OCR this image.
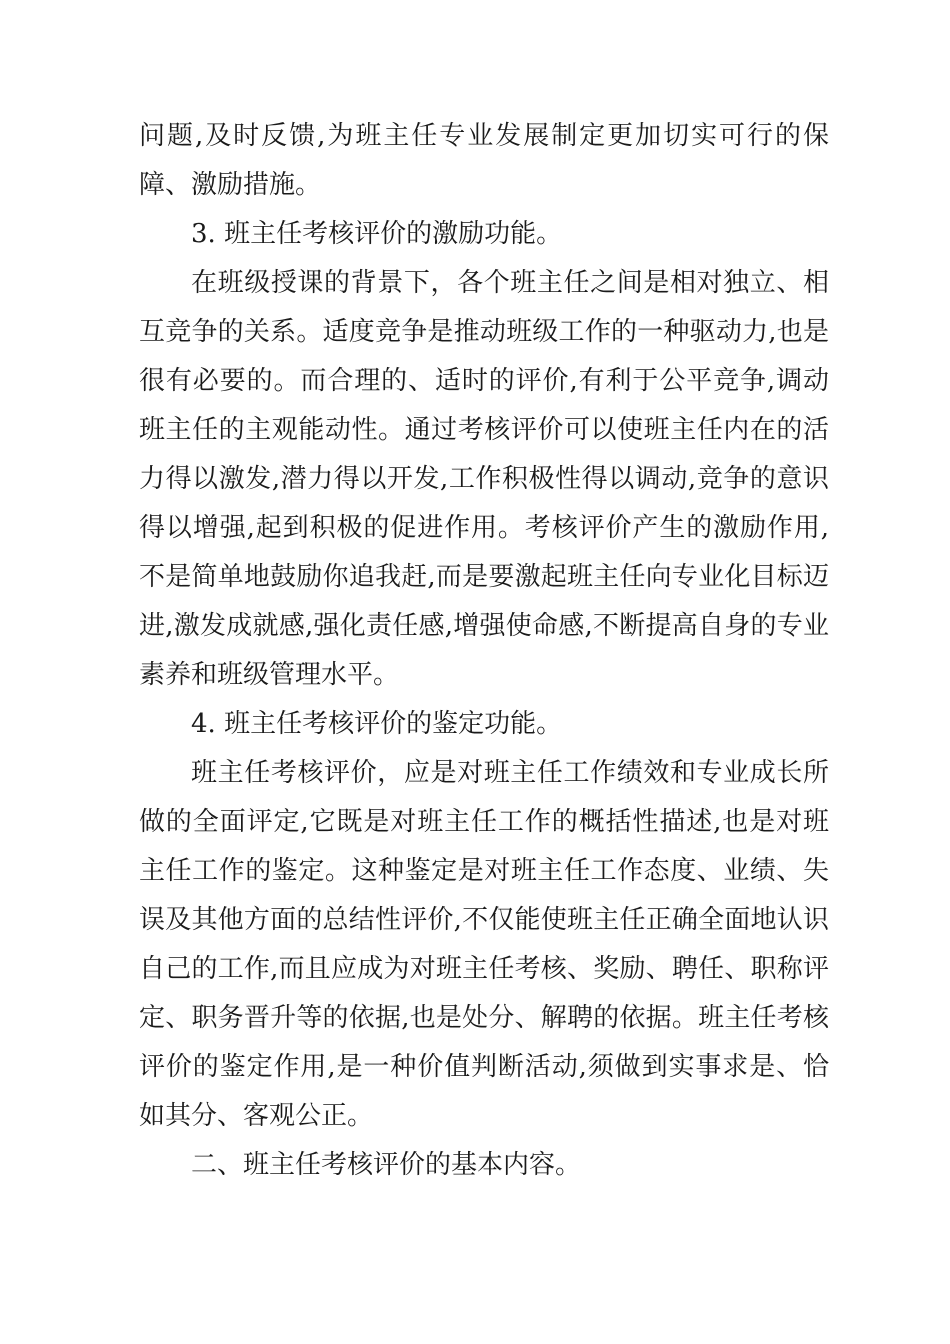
问题,及时反馈,为班主任专业发展制定更加切实可行的保障、激励措施。

3. 班主任考核评价的激励功能。

在班级授课的背景下，各个班主任之间是相对独立、相互竞争的关系。适度竞争是推动班级工作的一种驱动力,也是很有必要的。而合理的、适时的评价,有利于公平竞争,调动班主任的主观能动性。通过考核评价可以使班主任内在的活力得以激发,潜力得以开发,工作积极性得以调动,竞争的意识得以增强,起到积极的促进作用。考核评价产生的激励作用,不是简单地鼓励你追我赶,而是要激起班主任向专业化目标迈进,激发成就感,强化责任感,增强使命感,不断提高自身的专业素养和班级管理水平。

4. 班主任考核评价的鉴定功能。

班主任考核评价，应是对班主任工作绩效和专业成长所做的全面评定,它既是对班主任工作的概括性描述,也是对班主任工作的鉴定。这种鉴定是对班主任工作态度、业绩、失误及其他方面的总结性评价,不仅能使班主任正确全面地认识自己的工作,而且应成为对班主任考核、奖励、聘任、职称评定、职务晋升等的依据,也是处分、解聘的依据。班主任考核评价的鉴定作用,是一种价值判断活动,须做到实事求是、恰如其分、客观公正。

二、班主任考核评价的基本内容。
